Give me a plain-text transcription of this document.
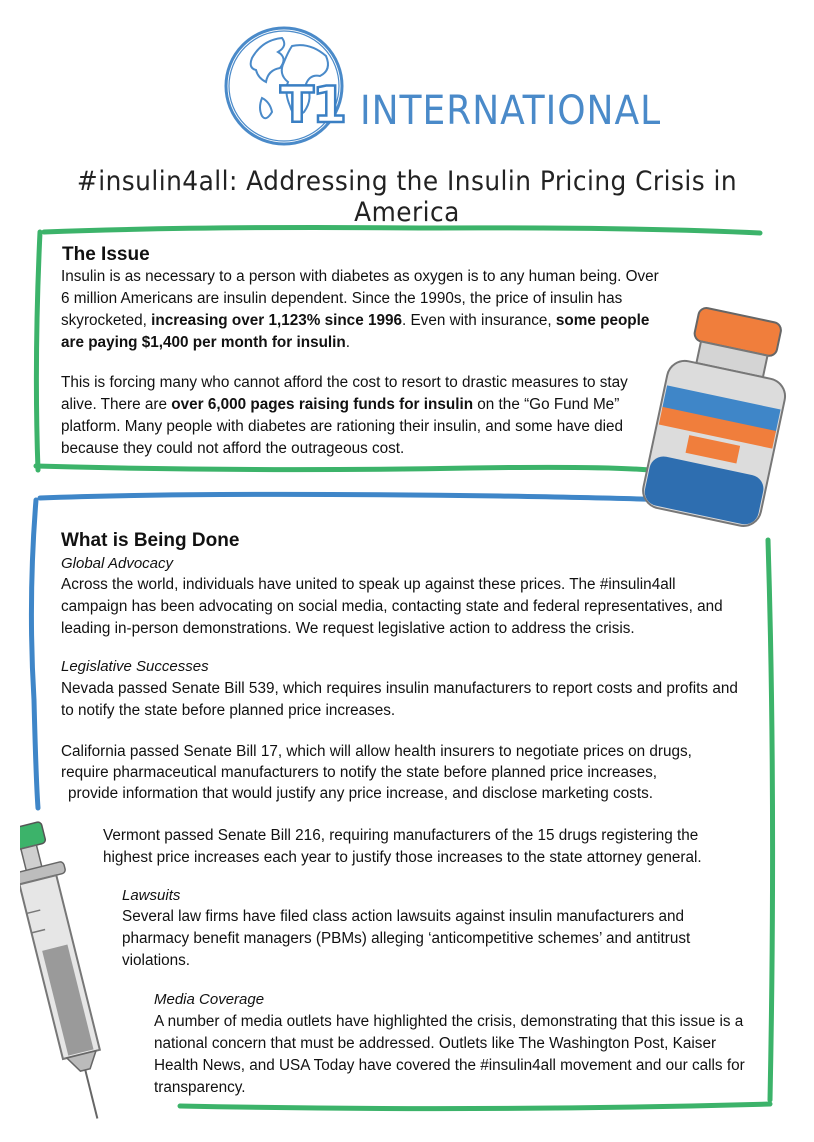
T1 INTERNATIONAL
#insulin4all: Addressing the Insulin Pricing Crisis in America
The Issue
Insulin is as necessary to a person with diabetes as oxygen is to any human being. Over 6 million Americans are insulin dependent. Since the 1990s, the price of insulin has skyrocketed, increasing over 1,123% since 1996. Even with insurance, some people are paying $1,400 per month for insulin.
This is forcing many who cannot afford the cost to resort to drastic measures to stay alive. There are over 6,000 pages raising funds for insulin on the “Go Fund Me” platform. Many people with diabetes are rationing their insulin, and some have died because they could not afford the outrageous cost.
What is Being Done
Global Advocacy
Across the world, individuals have united to speak up against these prices. The #insulin4all campaign has been advocating on social media, contacting state and federal representatives, and leading in-person demonstrations. We request legislative action to address the crisis.
Legislative Successes
Nevada passed Senate Bill 539, which requires insulin manufacturers to report costs and profits and to notify the state before planned price increases.
California passed Senate Bill 17, which will allow health insurers to negotiate prices on drugs,
require pharmaceutical manufacturers to notify the state before planned price increases,
provide information that would justify any price increase, and disclose marketing costs.
Vermont passed Senate Bill 216, requiring manufacturers of the 15 drugs registering the highest price increases each year to justify those increases to the state attorney general.
Lawsuits
Several law firms have filed class action lawsuits against insulin manufacturers and pharmacy benefit managers (PBMs) alleging ‘anticompetitive schemes’ and antitrust violations.
Media Coverage
A number of media outlets have highlighted the crisis, demonstrating that this issue is a national concern that must be addressed. Outlets like The Washington Post, Kaiser Health News, and USA Today have covered the #insulin4all movement and our calls for transparency.
